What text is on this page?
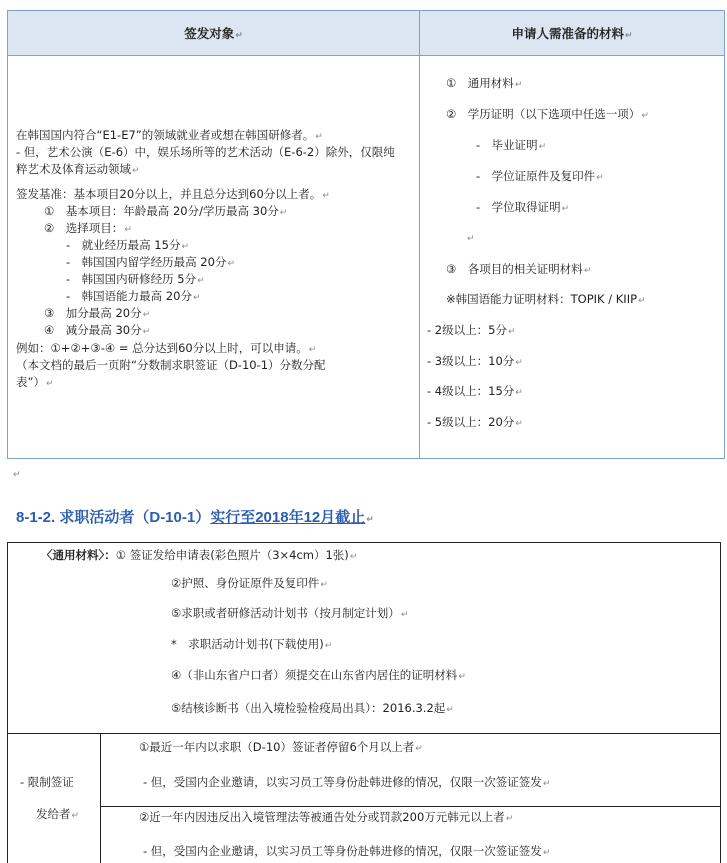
签发对象↵	申请人需准备的材料↵
在韩国国内符合“E1-E7”的领域就业者或想在韩国研修者。↵
- 但，艺术公演（E-6）中，娱乐场所等的艺术活动（E-6-2）除外，仅限纯
粹艺术及体育运动领域↵
签发基准：基本项目20分以上，并且总分达到60分以上者。↵
①　基本项目：年龄最高 20分/学历最高 30分↵
②　选择项目：↵
-　就业经历最高 15分↵
-　韩国国内留学经历最高 20分↵
-　韩国国内研修经历 5分↵
-　韩国语能力最高 20分↵
③　加分最高 20分↵
④　减分最高 30分↵
例如：①+②+③-④ = 总分达到60分以上时，可以申请。↵
（本文档的最后一页附“分数制求职签证（D-10-1）分数分配
表”）↵
①　通用材料↵
②　学历证明（以下选项中任选一项）↵
-　毕业证明↵
-　学位证原件及复印件↵
-　学位取得证明↵
↵
③　各项目的相关证明材料↵
※韩国语能力证明材料：TOPIK / KIIP↵
- 2级以上：5分↵
- 3级以上：10分↵
- 4级以上：15分↵
- 5级以上：20分↵
↵
8-1-2. 求职活动者（D-10-1）实行至2018年12月截止↵
〈通用材料〉：① 签证发给申请表(彩色照片（3×4cm）1张)↵
②护照、身份证原件及复印件↵
⑤求职或者研修活动计划书（按月制定计划）↵
*　求职活动计划书(下载使用)↵
④（非山东省户口者）须提交在山东省内居住的证明材料↵
⑤结核诊断书（出入境检验检疫局出具）：2016.3.2起↵
- 限制签证
发给者↵
①最近一年内以求职（D-10）签证者停留6个月以上者↵
- 但，受国内企业邀请，以实习员工等身份赴韩进修的情况，仅限一次签证签发↵
②近一年内因违反出入境管理法等被通告处分或罚款200万元韩元以上者↵
- 但，受国内企业邀请，以实习员工等身份赴韩进修的情况，仅限一次签证签发↵
